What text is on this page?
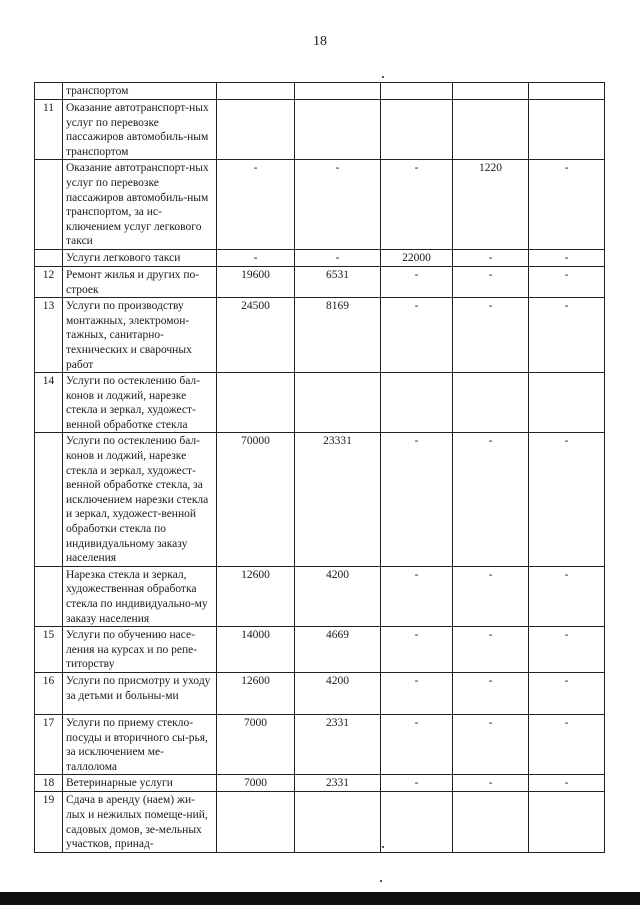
18
	транспортом					
11	Оказание автотранспорт-ных услуг по перевозке пассажиров автомобиль-ным транспортом					
	Оказание автотранспорт-ных услуг по перевозке пассажиров автомобиль-ным транспортом, за ис-ключением услуг легкового такси	-	-	-	1220	-
	Услуги легкового такси	-	-	22000	-	-
12	Ремонт жилья и других по-строек	19600	6531	-	-	-
13	Услуги по производству монтажных, электромон-тажных, санитарно-технических и сварочных работ	24500	8169	-	-	-
14	Услуги по остеклению бал-конов и лоджий, нарезке стекла и зеркал, художест-венной обработке стекла					
	Услуги по остеклению бал-конов и лоджий, нарезке стекла и зеркал, художест-венной обработке стекла, за исключением нарезки стекла и зеркал, художест-венной обработки стекла по индивидуальному заказу населения	70000	23331	-	-	-
	Нарезка стекла и зеркал, художественная обработка стекла по индивидуально-му заказу населения	12600	4200	-	-	-
15	Услуги по обучению насе-ления на курсах и по репе-титорству	14000	4669	-	-	-
16	Услуги по присмотру и уходу за детьми и больны-ми	12600	4200	-	-	-
17	Услуги по приему стекло-посуды и вторичного сы-рья, за исключением ме-таллолома	7000	2331	-	-	-
18	Ветеринарные услуги	7000	2331	-	-	-
19	Сдача в аренду (наем) жи-лых и нежилых помеще-ний, садовых домов, зе-мельных участков, принад-					
